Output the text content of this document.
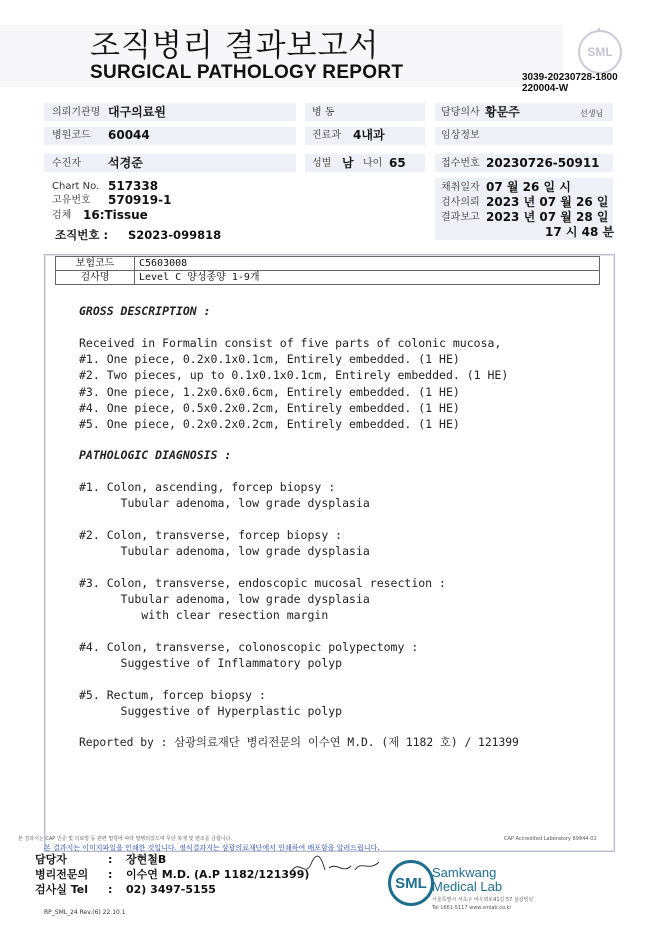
조직병리 결과보고서
SURGICAL PATHOLOGY REPORT
SML
3039-20230728-1800
220004-W
의뢰기관명 대구의료원	병 동	담당의사 황문주	선생님
병원코드 60044	진료과 4내과	임상정보
수진자 석경준	성별 남 나이 65	접수번호 20230726-50911
Chart No. 517338
고유번호 570919-1
검체 16:Tissue
조직번호 : S2023-099818
채취일자 07 월 26 일 시
검사의뢰 2023 년 07 월 26 일
결과보고 2023 년 07 월 28 일
17 시 48 분
보험코드	C5603008
검사명	Level C 양성종양 1-9개
GROSS DESCRIPTION :
Received in Formalin consist of five parts of colonic mucosa,
#1. One piece, 0.2x0.1x0.1cm, Entirely embedded. (1 HE)
#2. Two pieces, up to 0.1x0.1x0.1cm, Entirely embedded. (1 HE)
#3. One piece, 1.2x0.6x0.6cm, Entirely embedded. (1 HE)
#4. One piece, 0.5x0.2x0.2cm, Entirely embedded. (1 HE)
#5. One piece, 0.2x0.2x0.2cm, Entirely embedded. (1 HE)
PATHOLOGIC DIAGNOSIS :
#1. Colon, ascending, forcep biopsy :
Tubular adenoma, low grade dysplasia
#2. Colon, transverse, forcep biopsy :
Tubular adenoma, low grade dysplasia
#3. Colon, transverse, endoscopic mucosal resection :
Tubular adenoma, low grade dysplasia
with clear resection margin
#4. Colon, transverse, colonoscopic polypectomy :
Suggestive of Inflammatory polyp
#5. Rectum, forcep biopsy :
Suggestive of Hyperplastic polyp
Reported by : 삼광의료재단 병리전문의 이수연 M.D. (제 1182 호) / 121399
본 결과서는 CAP 인증 및 의료법 등 관련 법령에 따라 발행되었으며 무단 복제 및 변조를 금합니다.	CAP Accredited Laboratory 89944-01
본 결과지는 이미지파일을 인쇄한 것입니다. 정식결과지는 삼광의료재단에서 인쇄하여 배포함을 알려드립니다.
담당자	: 장현철B
병리전문의 : 이수연 M.D. (A.P 1182/121399)
검사실 Tel : 02) 3497-5155	SML
Samkwang
Medical Lab
서울특별시 서초구 바우뫼로41길 57 삼광빌딩
Tel 1661-5117 www.smlab.co.kr
RP_SML_24 Rev.(6) 22.10.1
